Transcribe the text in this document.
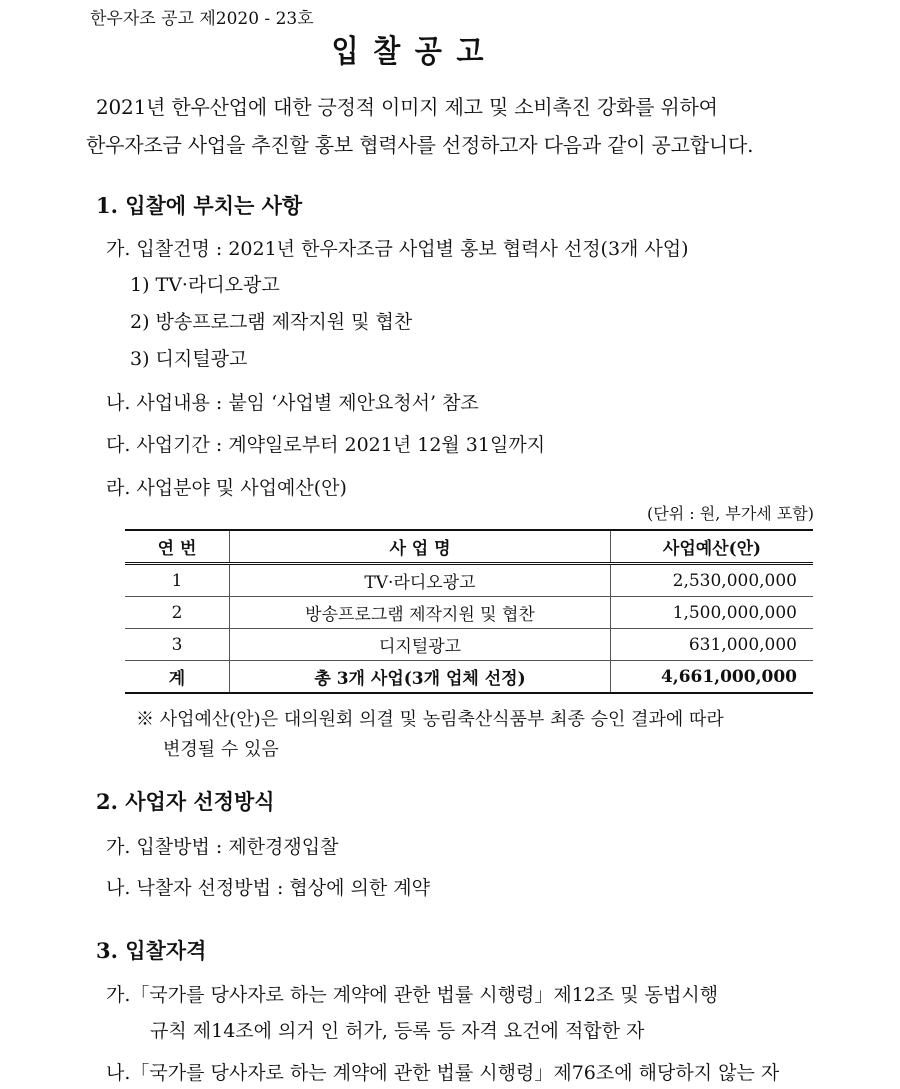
한우자조 공고 제2020 - 23호
입찰공고
2021년 한우산업에 대한 긍정적 이미지 제고 및 소비촉진 강화를 위하여
한우자조금 사업을 추진할 홍보 협력사를 선정하고자 다음과 같이 공고합니다.
1. 입찰에 부치는 사항
가. 입찰건명 : 2021년 한우자조금 사업별 홍보 협력사 선정(3개 사업)
1) TV·라디오광고
2) 방송프로그램 제작지원 및 협찬
3) 디지털광고
나. 사업내용 : 붙임 ‘사업별 제안요청서’ 참조
다. 사업기간 : 계약일로부터 2021년 12월 31일까지
라. 사업분야 및 사업예산(안)
(단위 : 원, 부가세 포함)
연 번	사 업 명	사업예산(안)
1	TV·라디오광고	2,530,000,000
2	방송프로그램 제작지원 및 협찬	1,500,000,000
3	디지털광고	631,000,000
계	총 3개 사업(3개 업체 선정)	4,661,000,000
※ 사업예산(안)은 대의원회 의결 및 농림축산식품부 최종 승인 결과에 따라
변경될 수 있음
2. 사업자 선정방식
가. 입찰방법 : 제한경쟁입찰
나. 낙찰자 선정방법 : 협상에 의한 계약
3. 입찰자격
가.「국가를 당사자로 하는 계약에 관한 법률 시행령」제12조 및 동법시행
규칙 제14조에 의거 인 허가, 등록 등 자격 요건에 적합한 자
나.「국가를 당사자로 하는 계약에 관한 법률 시행령」제76조에 해당하지 않는 자
